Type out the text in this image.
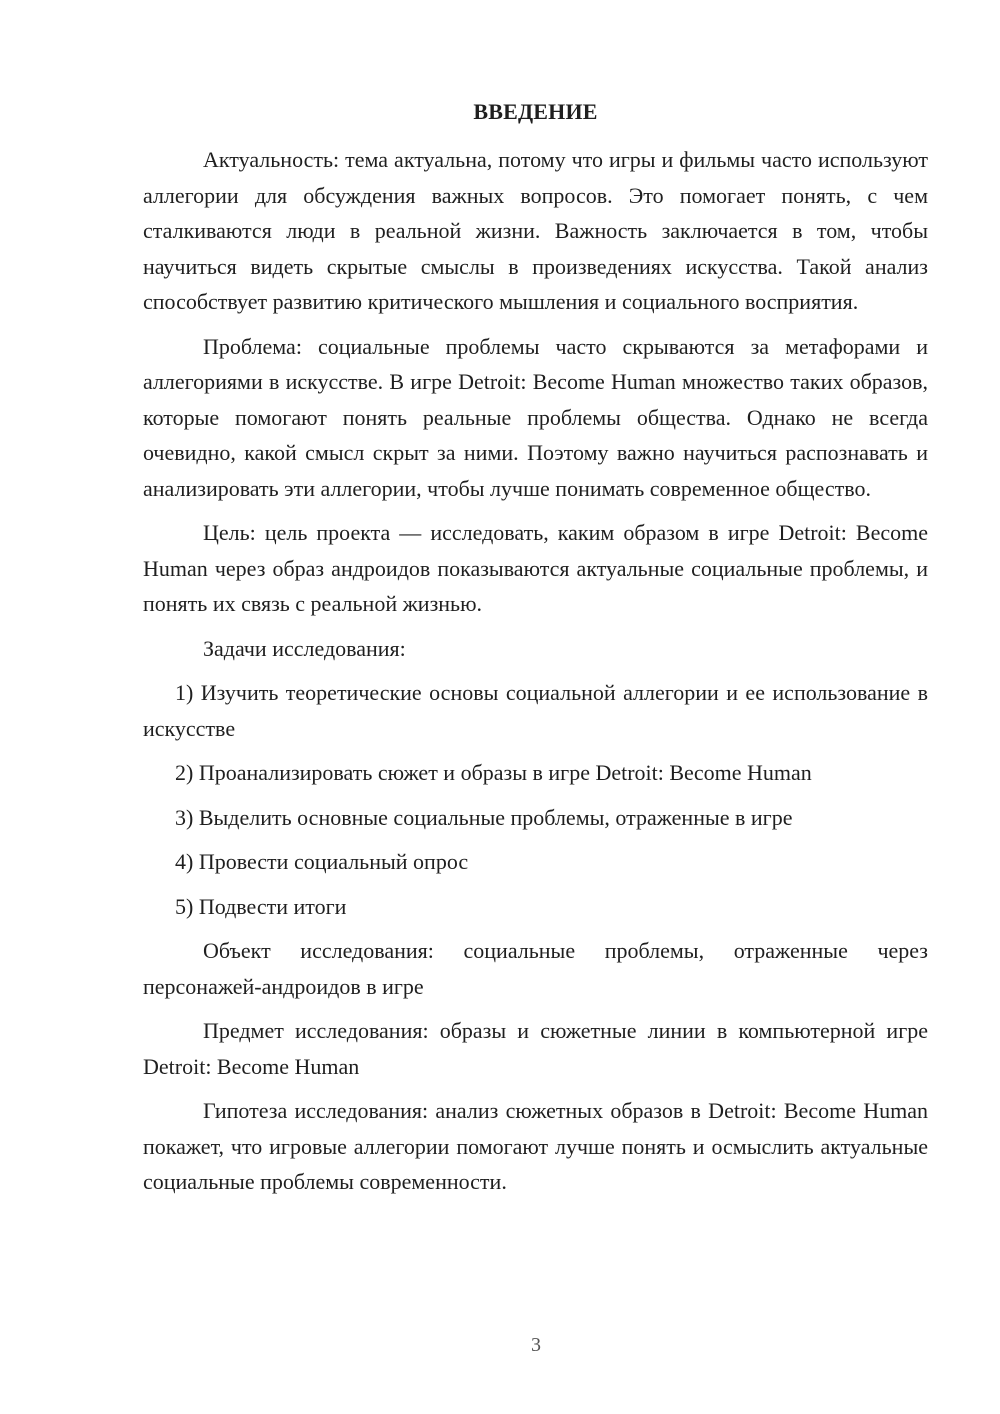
ВВЕДЕНИЕ

Актуальность: тема актуальна, потому что игры и фильмы часто используют аллегории для обсуждения важных вопросов. Это помогает понять, с чем сталкиваются люди в реальной жизни. Важность заключается в том, чтобы научиться видеть скрытые смыслы в произведениях искусства. Такой анализ способствует развитию критического мышления и социального восприятия.

Проблема: социальные проблемы часто скрываются за метафорами и аллегориями в искусстве. В игре Detroit: Become Human множество таких образов, которые помогают понять реальные проблемы общества. Однако не всегда очевидно, какой смысл скрыт за ними. Поэтому важно научиться распознавать и анализировать эти аллегории, чтобы лучше понимать современное общество.

Цель: цель проекта — исследовать, каким образом в игре Detroit: Become Human через образ андроидов показываются актуальные социальные проблемы, и понять их связь с реальной жизнью.

Задачи исследования:

1) Изучить теоретические основы социальной аллегории и ее использование в искусстве

2) Проанализировать сюжет и образы в игре Detroit: Become Human

3) Выделить основные социальные проблемы, отраженные в игре

4) Провести социальный опрос

5) Подвести итоги

Объект исследования: социальные проблемы, отраженные через персонажей-андроидов в игре

Предмет исследования: образы и сюжетные линии в компьютерной игре Detroit: Become Human

Гипотеза исследования: анализ сюжетных образов в Detroit: Become Human покажет, что игровые аллегории помогают лучше понять и осмыслить актуальные социальные проблемы современности.

3
